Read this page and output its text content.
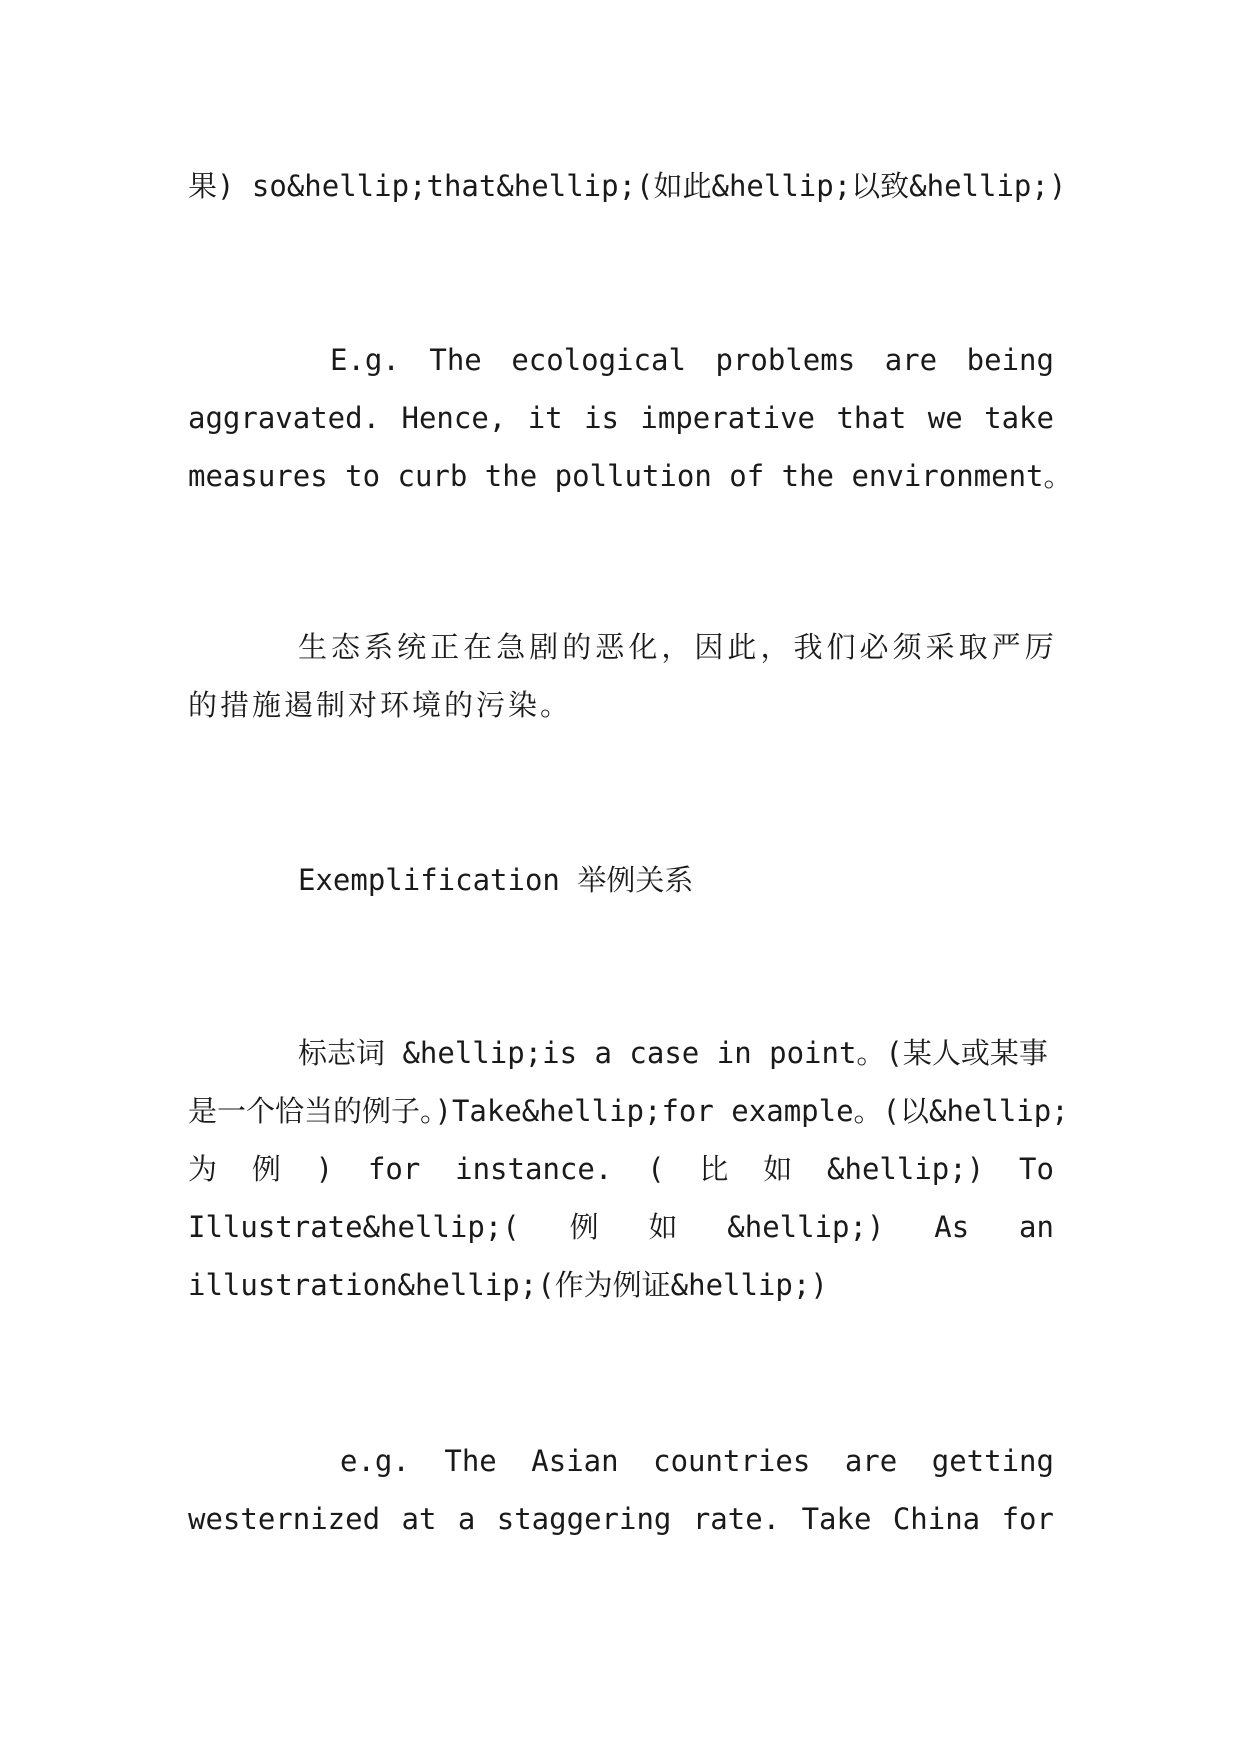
果) so&hellip;that&hellip;(如此&hellip;以致&hellip;)
E.g. The ecological problems are being
aggravated. Hence, it is imperative that we take
measures to curb the pollution of the environment。
生 态 系 统 正 在 急 剧 的 恶 化 ， 因 此 ， 我 们 必 须 采 取 严 厉
的措施遏制对环境的污染。
Exemplification 举例关系
标志词 &hellip;is a case in point。(某人或某事
是一个恰当的例子。)Take&hellip;for example。(以&hellip;
为 例 ) for instance. ( 比 如 &hellip;) To
Illustrate&hellip;( 例 如 &hellip;) As an
illustration&hellip;(作为例证&hellip;)
e.g. The Asian countries are getting
westernized at a staggering rate. Take China for
